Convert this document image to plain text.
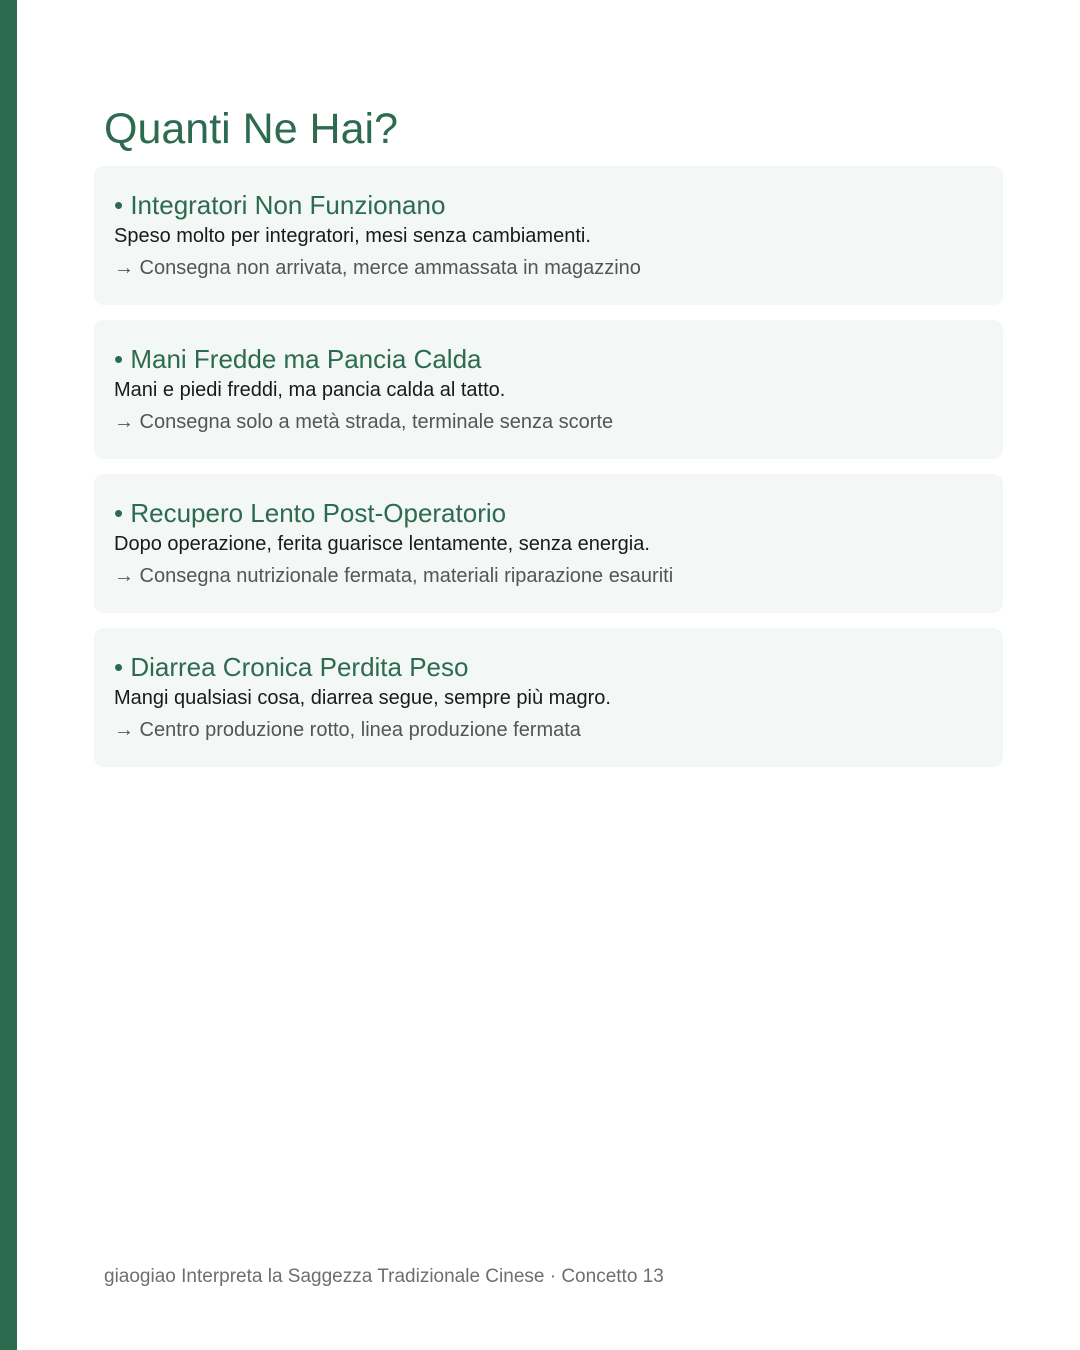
Quanti Ne Hai?
• Integratori Non Funzionano
Speso molto per integratori, mesi senza cambiamenti.
→ Consegna non arrivata, merce ammassata in magazzino
• Mani Fredde ma Pancia Calda
Mani e piedi freddi, ma pancia calda al tatto.
→ Consegna solo a metà strada, terminale senza scorte
• Recupero Lento Post-Operatorio
Dopo operazione, ferita guarisce lentamente, senza energia.
→ Consegna nutrizionale fermata, materiali riparazione esauriti
• Diarrea Cronica Perdita Peso
Mangi qualsiasi cosa, diarrea segue, sempre più magro.
→ Centro produzione rotto, linea produzione fermata
giaogiao Interpreta la Saggezza Tradizionale Cinese · Concetto 13
